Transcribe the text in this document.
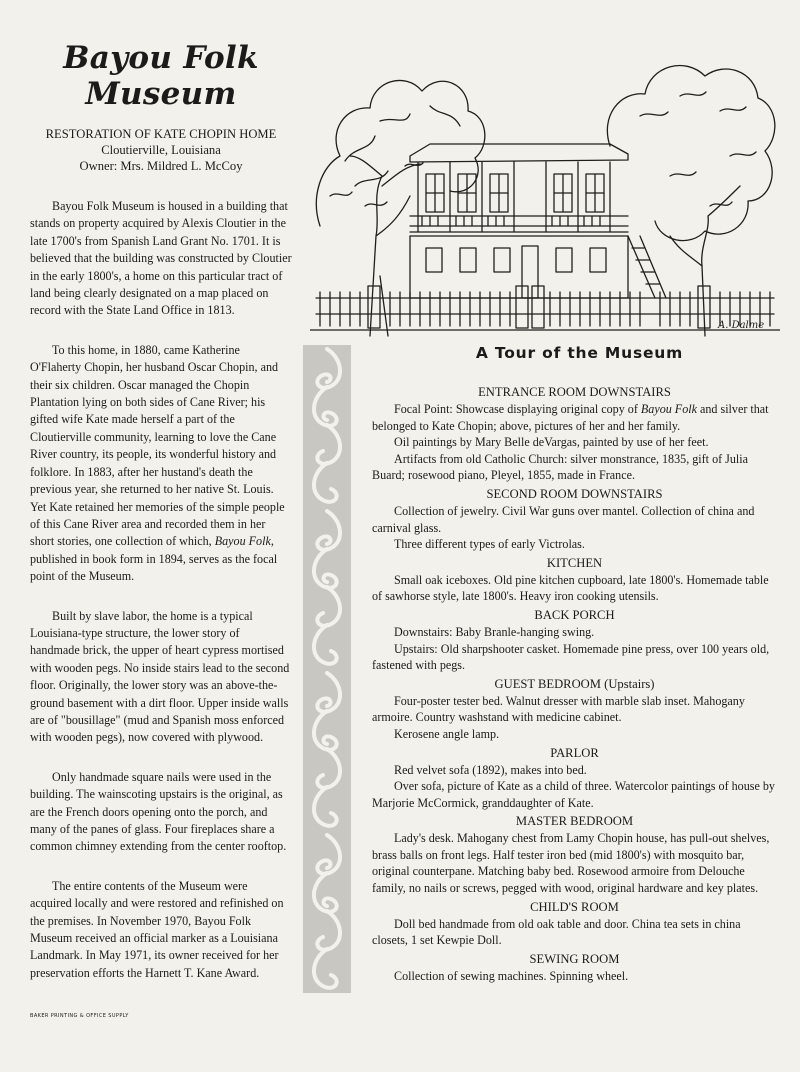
Bayou Folk Museum
RESTORATION OF KATE CHOPIN HOME
Cloutierville, Louisiana
Owner: Mrs. Mildred L. McCoy

Bayou Folk Museum is housed in a building that stands on property acquired by Alexis Cloutier in the late 1700's from Spanish Land Grant No. 1701. It is believed that the building was constructed by Cloutier in the early 1800's, a home on this particular tract of land being clearly designated on a map placed on record with the State Land Office in 1813.

To this home, in 1880, came Katherine O'Flaherty Chopin, her husband Oscar Chopin, and their six children. Oscar managed the Chopin Plantation lying on both sides of Cane River; his gifted wife Kate made herself a part of the Cloutierville community, learning to love the Cane River country, its people, its wonderful history and folklore. In 1883, after her hustand's death the previous year, she returned to her native St. Louis. Yet Kate retained her memories of the simple people of this Cane River area and recorded them in her short stories, one collection of which, Bayou Folk, published in book form in 1894, serves as the focal point of the Museum.

Built by slave labor, the home is a typical Louisiana-type structure, the lower story of handmade brick, the upper of heart cypress mortised with wooden pegs. No inside stairs lead to the second floor. Originally, the lower story was an above-the-ground basement with a dirt floor. Upper inside walls are of "bousillage" (mud and Spanish moss enforced with wooden pegs), now covered with plywood.

Only handmade square nails were used in the building. The wainscoting upstairs is the original, as are the French doors opening onto the porch, and many of the panes of glass. Four fireplaces share a common chimney extending from the center rooftop.

The entire contents of the Museum were acquired locally and were restored and refinished on the premises. In November 1970, Bayou Folk Museum received an official marker as a Louisiana Landmark. In May 1971, its owner received for her preservation efforts the Harnett T. Kane Award.

A. Dalme
A Tour of the Museum
ENTRANCE ROOM DOWNSTAIRS

Focal Point: Showcase displaying original copy of Bayou Folk and silver that belonged to Kate Chopin; above, pictures of her and her family.

Oil paintings by Mary Belle deVargas, painted by use of her feet.

Artifacts from old Catholic Church: silver monstrance, 1835, gift of Julia Buard; rosewood piano, Pleyel, 1855, made in France.

SECOND ROOM DOWNSTAIRS

Collection of jewelry. Civil War guns over mantel. Collection of china and carnival glass.

Three different types of early Victrolas.

KITCHEN

Small oak iceboxes. Old pine kitchen cupboard, late 1800's. Homemade table of sawhorse style, late 1800's. Heavy iron cooking utensils.

BACK PORCH

Downstairs: Baby Branle-hanging swing.

Upstairs: Old sharpshooter casket. Homemade pine press, over 100 years old, fastened with pegs.

GUEST BEDROOM (Upstairs)

Four-poster tester bed. Walnut dresser with marble slab inset. Mahogany armoire. Country washstand with medicine cabinet.

Kerosene angle lamp.

PARLOR

Red velvet sofa (1892), makes into bed.

Over sofa, picture of Kate as a child of three. Watercolor paintings of house by Marjorie McCormick, granddaughter of Kate.

MASTER BEDROOM

Lady's desk. Mahogany chest from Lamy Chopin house, has pull-out shelves, brass balls on front legs. Half tester iron bed (mid 1800's) with mosquito bar, original counterpane. Matching baby bed. Rosewood armoire from Delouche family, no nails or screws, pegged with wood, original hardware and key plates.

CHILD'S ROOM

Doll bed handmade from old oak table and door. China tea sets in china closets, 1 set Kewpie Doll.

SEWING ROOM

Collection of sewing machines. Spinning wheel.

BAKER PRINTING & OFFICE SUPPLY
